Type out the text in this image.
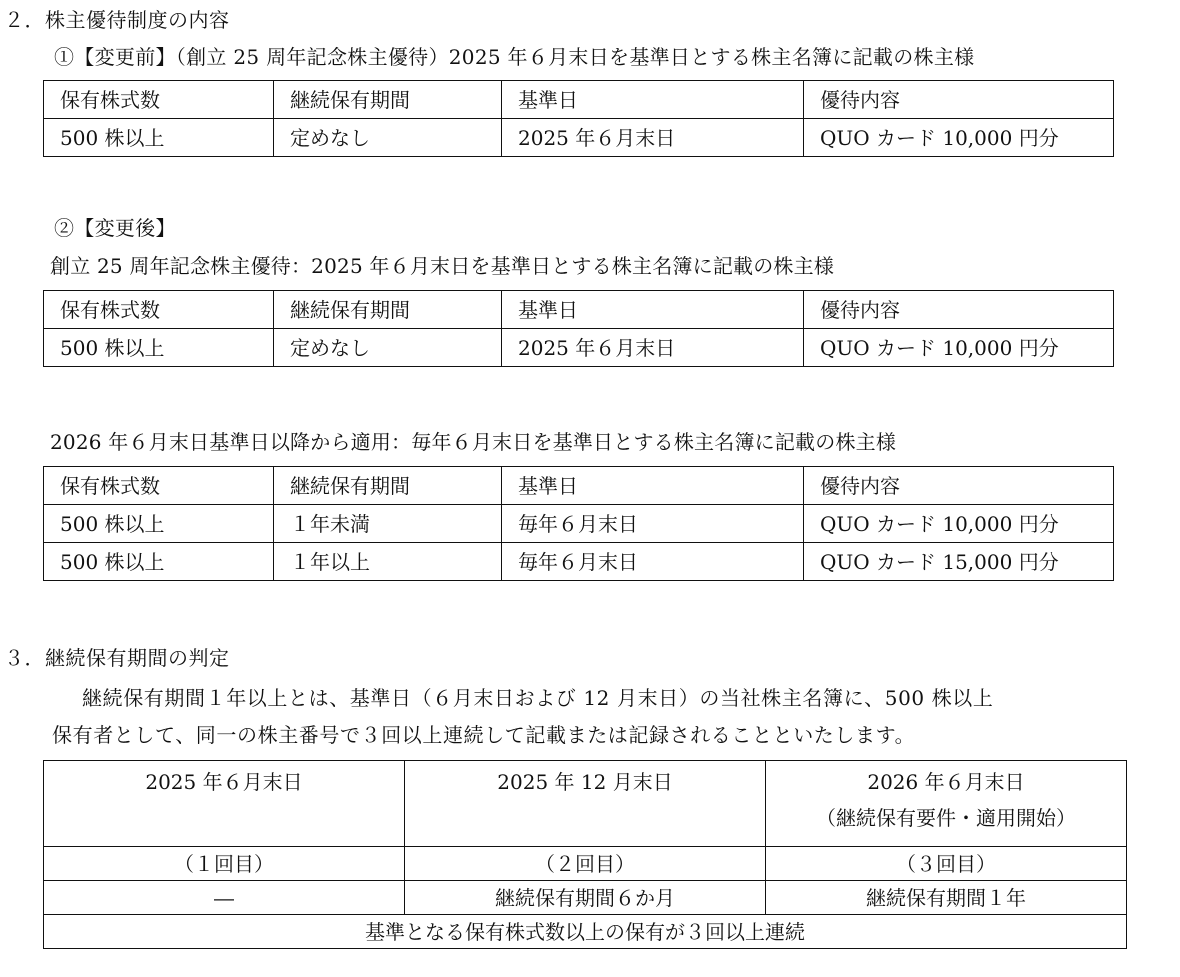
２．株主優待制度の内容
①【変更前】（創立 25 周年記念株主優待）2025 年６月末日を基準日とする株主名簿に記載の株主様
保有株式数	継続保有期間	基準日	優待内容
500 株以上	定めなし	2025 年６月末日	QUO カード 10,000 円分
②【変更後】
創立 25 周年記念株主優待：2025 年６月末日を基準日とする株主名簿に記載の株主様
保有株式数	継続保有期間	基準日	優待内容
500 株以上	定めなし	2025 年６月末日	QUO カード 10,000 円分
2026 年６月末日基準日以降から適用：毎年６月末日を基準日とする株主名簿に記載の株主様
保有株式数	継続保有期間	基準日	優待内容
500 株以上	１年未満	毎年６月末日	QUO カード 10,000 円分
500 株以上	１年以上	毎年６月末日	QUO カード 15,000 円分
３．継続保有期間の判定
継続保有期間１年以上とは、基準日（６月末日および 12 月末日）の当社株主名簿に、500 株以上
保有者として、同一の株主番号で３回以上連続して記載または記録されることといたします。
2025 年６月末日	2025 年 12 月末日	2026 年６月末日
（継続保有要件・適用開始）

（１回目）	（２回目）	（３回目）
―	継続保有期間６か月	継続保有期間１年
基準となる保有株式数以上の保有が３回以上連続		
